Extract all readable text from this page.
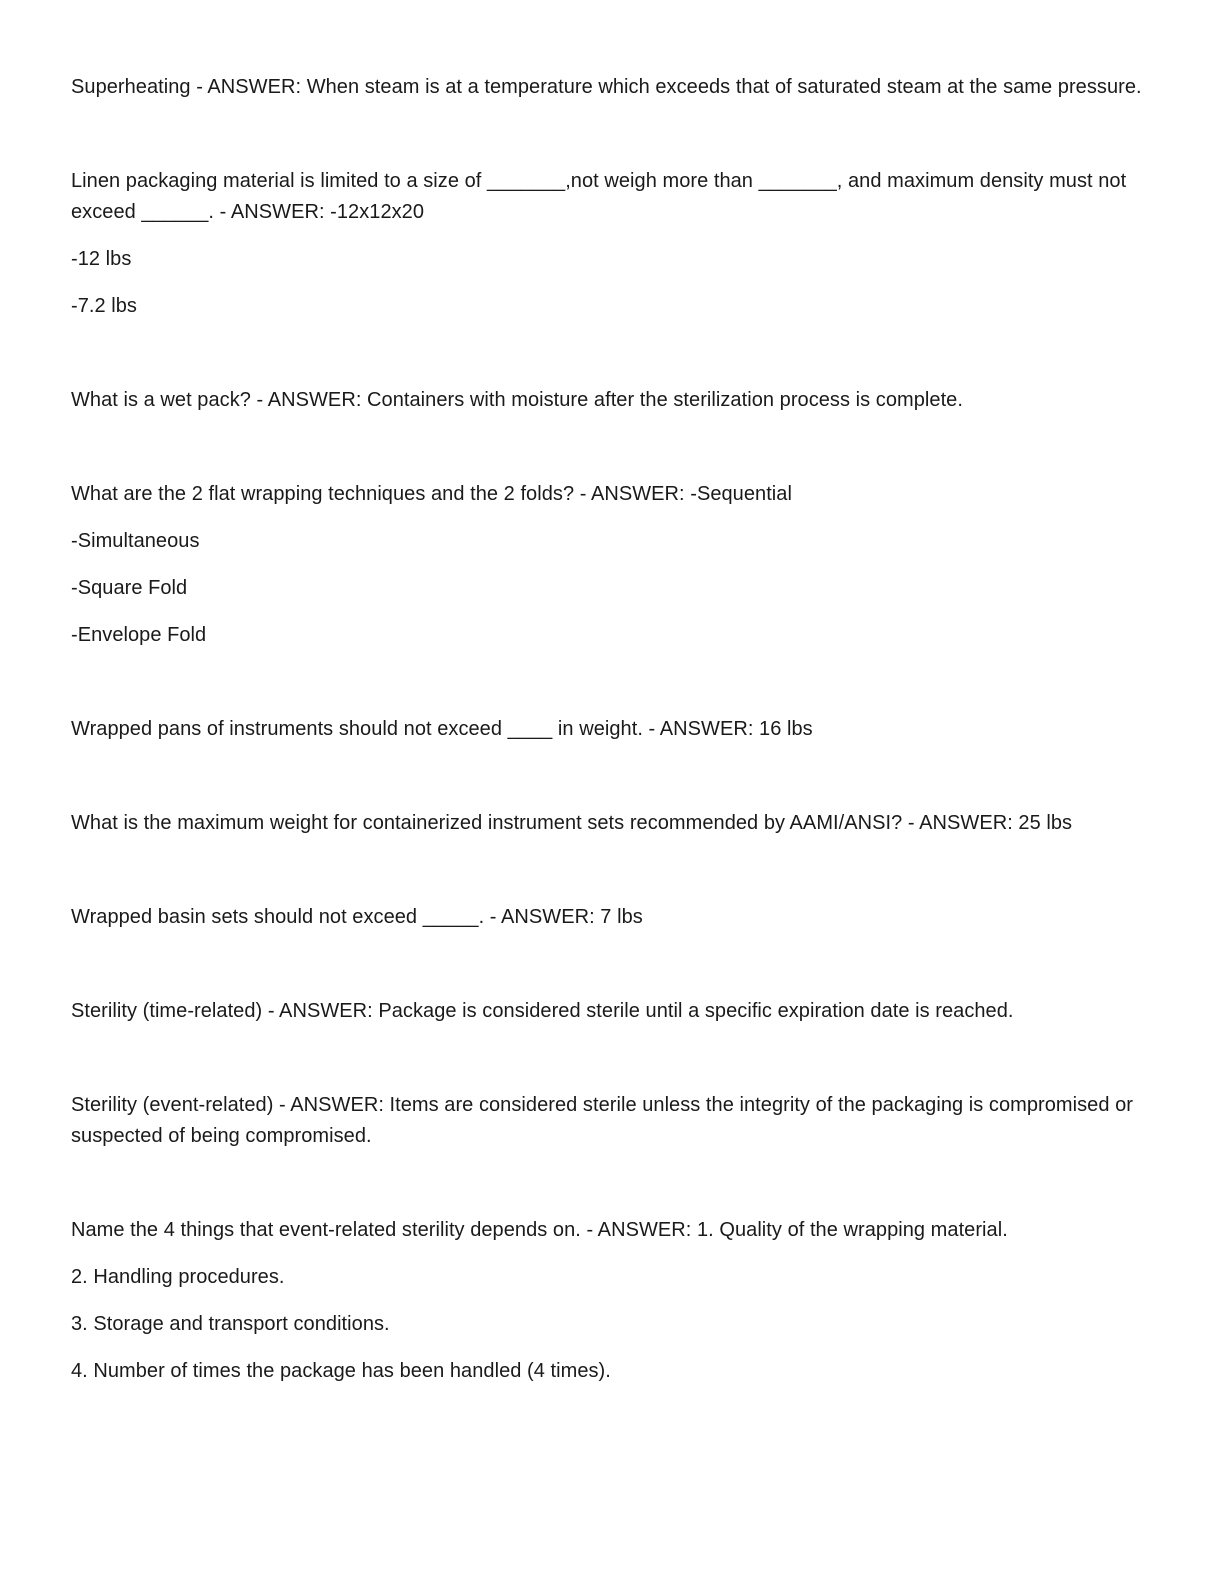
Superheating - ANSWER: When steam is at a temperature which exceeds that of saturated steam at the same pressure.

Linen packaging material is limited to a size of _______,not weigh more than _______, and maximum density must not exceed ______. - ANSWER: -12x12x20

-12 lbs

-7.2 lbs

What is a wet pack? - ANSWER: Containers with moisture after the sterilization process is complete.

What are the 2 flat wrapping techniques and the 2 folds? - ANSWER: -Sequential

-Simultaneous

-Square Fold

-Envelope Fold

Wrapped pans of instruments should not exceed ____ in weight. - ANSWER: 16 lbs

What is the maximum weight for containerized instrument sets recommended by AAMI/ANSI? - ANSWER: 25 lbs

Wrapped basin sets should not exceed _____. - ANSWER: 7 lbs

Sterility (time-related) - ANSWER: Package is considered sterile until a specific expiration date is reached.

Sterility (event-related) - ANSWER: Items are considered sterile unless the integrity of the packaging is compromised or suspected of being compromised.

Name the 4 things that event-related sterility depends on. - ANSWER: 1. Quality of the wrapping material.

2. Handling procedures.

3. Storage and transport conditions.

4. Number of times the package has been handled (4 times).
